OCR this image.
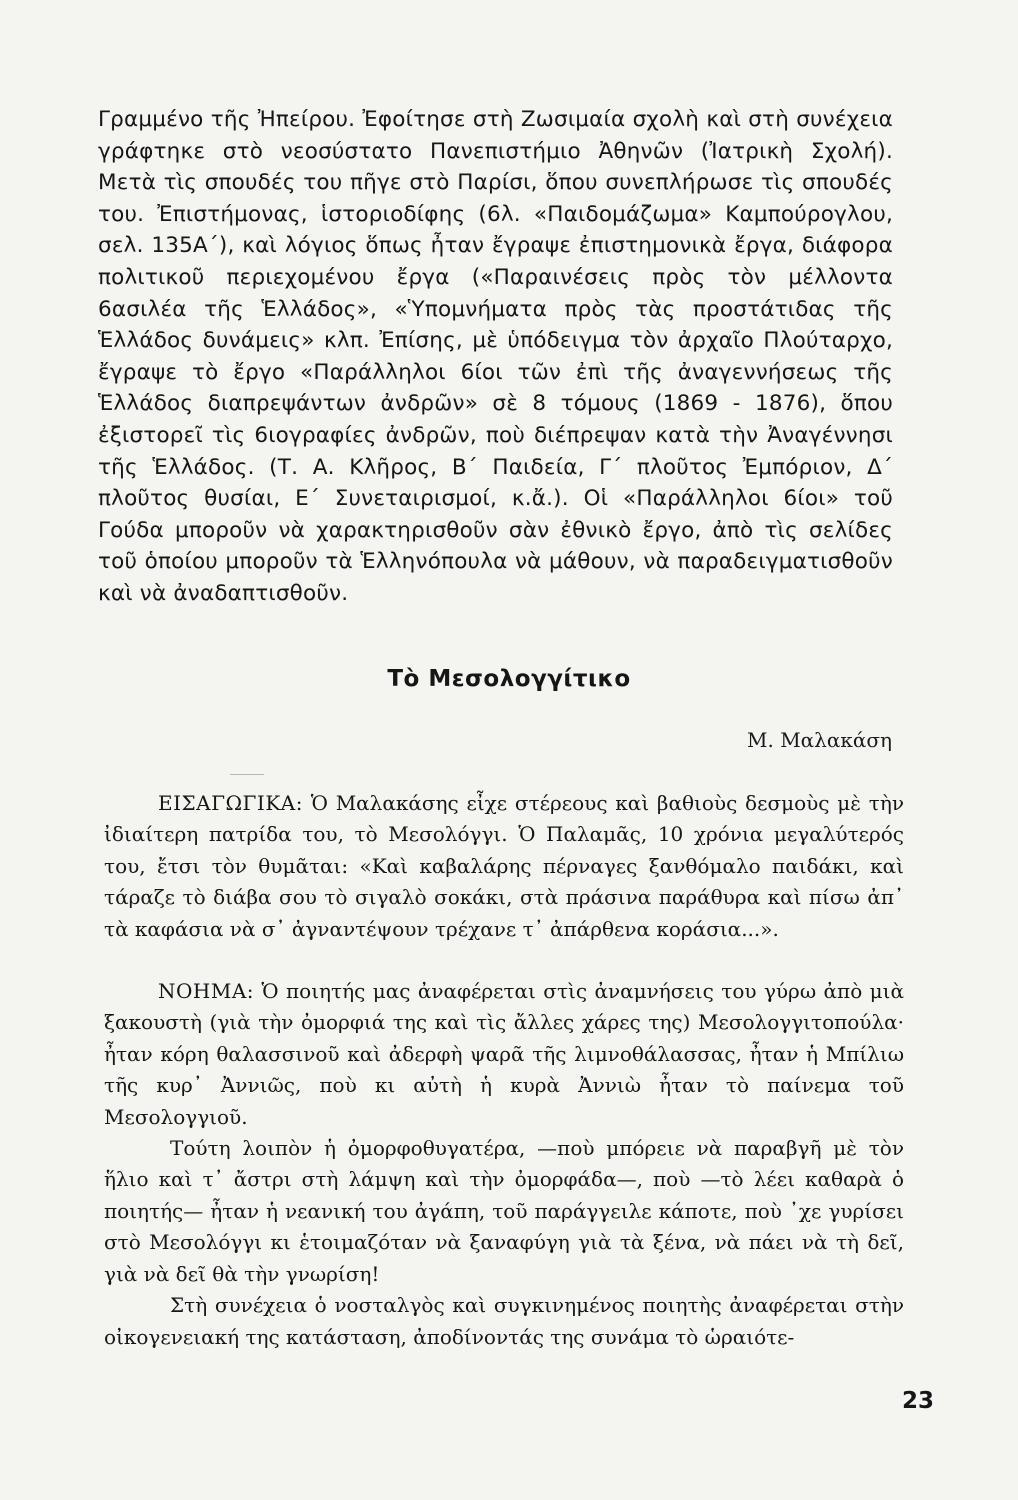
Γραμμένο τῆς Ἠπείρου. Ἐφοίτησε στὴ Ζωσιμαία σχολὴ καὶ στὴ συνέχεια γράφτηκε στὸ νεοσύστατο Πανεπιστήμιο Ἀθηνῶν (Ἰατρικὴ Σχολή). Μετὰ τὶς σπουδές του πῆγε στὸ Παρίσι, ὅπου συνεπλήρωσε τὶς σπουδές του. Ἐπιστήμονας, ἱστοριοδίφης (6λ. «Παιδομάζωμα» Καμπούρογλου, σελ. 135Α΄), καὶ λόγιος ὅπως ἦταν ἔγραψε ἐπιστημονικὰ ἔργα, διάφορα πολιτικοῦ περιεχομένου ἔργα («Παραινέσεις πρὸς τὸν μέλλοντα 6ασιλέα τῆς Ἑλλάδος», «Ὑπομνήματα πρὸς τὰς προστάτιδας τῆς Ἑλλάδος δυνάμεις» κλπ. Ἐπίσης, μὲ ὑπόδειγμα τὸν ἀρχαῖο Πλούταρχο, ἔγραψε τὸ ἔργο «Παράλληλοι 6ίοι τῶν ἐπὶ τῆς ἀναγεννήσεως τῆς Ἑλλάδος διαπρεψάντων ἀνδρῶν» σὲ 8 τόμους (1869 - 1876), ὅπου ἐξιστορεῖ τὶς 6ιογραφίες ἀνδρῶν, ποὺ διέπρεψαν κατὰ τὴν Ἀναγέννησι τῆς Ἑλλάδος. (Τ. Α. Κλῆρος, Β΄ Παιδεία, Γ΄ πλοῦτος Ἐμπόριον, Δ΄ πλοῦτος θυσίαι, Ε΄ Συνεταιρισμοί, κ.ἄ.). Οἱ «Παράλληλοι 6ίοι» τοῦ Γούδα μποροῦν νὰ χαρακτηρισθοῦν σὰν ἐθνικὸ ἔργο, ἀπὸ τὶς σελίδες τοῦ ὁποίου μποροῦν τὰ Ἑλληνόπουλα νὰ μάθουν, νὰ παραδειγματισθοῦν καὶ νὰ ἀναδαπτισθοῦν.

Τὸ Μεσολογγίτικο

Μ. Μαλακάση

ΕΙΣΑΓΩΓΙΚΑ: Ὁ Μαλακάσης εἶχε στέρεους καὶ βαθιοὺς δεσμοὺς μὲ τὴν ἰδιαίτερη πατρίδα του, τὸ Μεσολόγγι. Ὁ Παλαμᾶς, 10 χρόνια μεγαλύτερός του, ἔτσι τὸν θυμᾶται: «Καὶ καβαλάρης πέρναγες ξανθόμαλο παιδάκι, καὶ τάραζε τὸ διάβα σου τὸ σιγαλὸ σοκάκι, στὰ πράσινα παράθυρα καὶ πίσω ἀπ᾽ τὰ καφάσια νὰ σ᾽ ἀγναντέψουν τρέχανε τ᾽ ἀπάρθενα κοράσια...».

ΝΟΗΜΑ: Ὁ ποιητής μας ἀναφέρεται στὶς ἀναμνήσεις του γύρω ἀπὸ μιὰ ξακουστὴ (γιὰ τὴν ὀμορφιά της καὶ τὶς ἄλλες χάρες της) Μεσολογγιτοπούλα· ἦταν κόρη θαλασσινοῦ καὶ ἀδερφὴ ψαρᾶ τῆς λιμνοθάλασσας, ἦταν ἡ Μπίλιω τῆς κυρ᾽ Ἀννιῶς, ποὺ κι αὐτὴ ἡ κυρὰ Ἀννιὼ ἦταν τὸ παίνεμα τοῦ Μεσολογγιοῦ.

Τούτη λοιπὸν ἡ ὀμορφοθυγατέρα, —ποὺ μπόρειε νὰ παραβγῆ μὲ τὸν ἥλιο καὶ τ᾽ ἄστρι στὴ λάμψη καὶ τὴν ὀμορφάδα—, ποὺ —τὸ λέει καθαρὰ ὁ ποιητής— ἦταν ἡ νεανική του ἀγάπη, τοῦ παράγγειλε κάποτε, ποὺ ᾽χε γυρίσει στὸ Μεσολόγγι κι ἑτοιμαζόταν νὰ ξαναφύγη γιὰ τὰ ξένα, νὰ πάει νὰ τὴ δεῖ, γιὰ νὰ δεῖ θὰ τὴν γνωρίση!

Στὴ συνέχεια ὁ νοσταλγὸς καὶ συγκινημένος ποιητὴς ἀναφέρεται στὴν οἰκογενειακή της κατάσταση, ἀποδίνοντάς της συνάμα τὸ ὡραιότε-

23
